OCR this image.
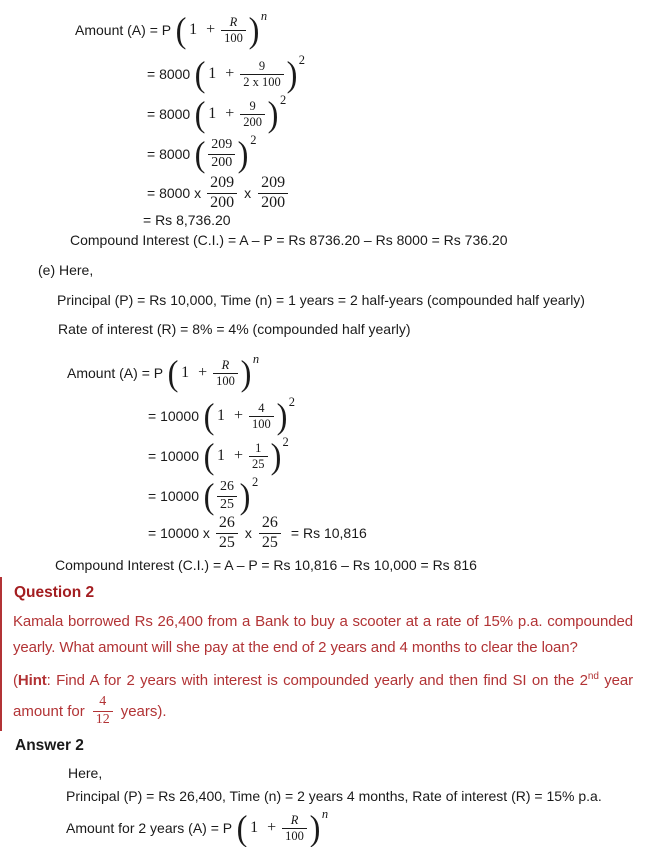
Amount (A) = P ( $1 + \frac{R}{100}$ ) n
= 8000 ( $1 + \frac{9}{2 x 100}$ ) 2
= 8000 ( $1 + \frac{9}{200}$ ) 2
= 8000 ( $\frac{209}{200}$ ) 2
= 8000 x $\frac{209}{200}$ x $\frac{209}{200}$
= Rs 8,736.20
Compound Interest (C.I.) = A – P = Rs 8736.20 – Rs 8000 = Rs 736.20
(e) Here,
Principal (P) = Rs 10,000, Time (n) = 1 years = 2 half-years (compounded half yearly)
Rate of interest (R) = 8% = 4% (compounded half yearly)
Amount (A) = P ( $1 + \frac{R}{100}$ ) n
= 10000 ( $1 + \frac{4}{100}$ ) 2
= 10000 ( $1 + \frac{1}{25}$ ) 2
= 10000 ( $\frac{26}{25}$ ) 2
= 10000 x $\frac{26}{25}$ x $\frac{26}{25} = Rs$ 10,816
Compound Interest (C.I.) = A – P = Rs 10,816 – Rs 10,000 = Rs 816
Question 2
Kamala borrowed Rs 26,400 from a Bank to buy a scooter at a rate of 15% p.a. compounded
yearly. What amount will she pay at the end of 2 years and 4 months to clear the loan?
(Hint: Find A for 2 years with interest is compounded yearly and then find SI on the 2nd year
amount for $\frac{4}{12}$ years).
Answer 2
Here,
Principal (P) = Rs 26,400, Time (n) = 2 years 4 months, Rate of interest (R) = 15% p.a.
Amount for 2 years (A) = P ( $1 + \frac{R}{100}$ ) n
